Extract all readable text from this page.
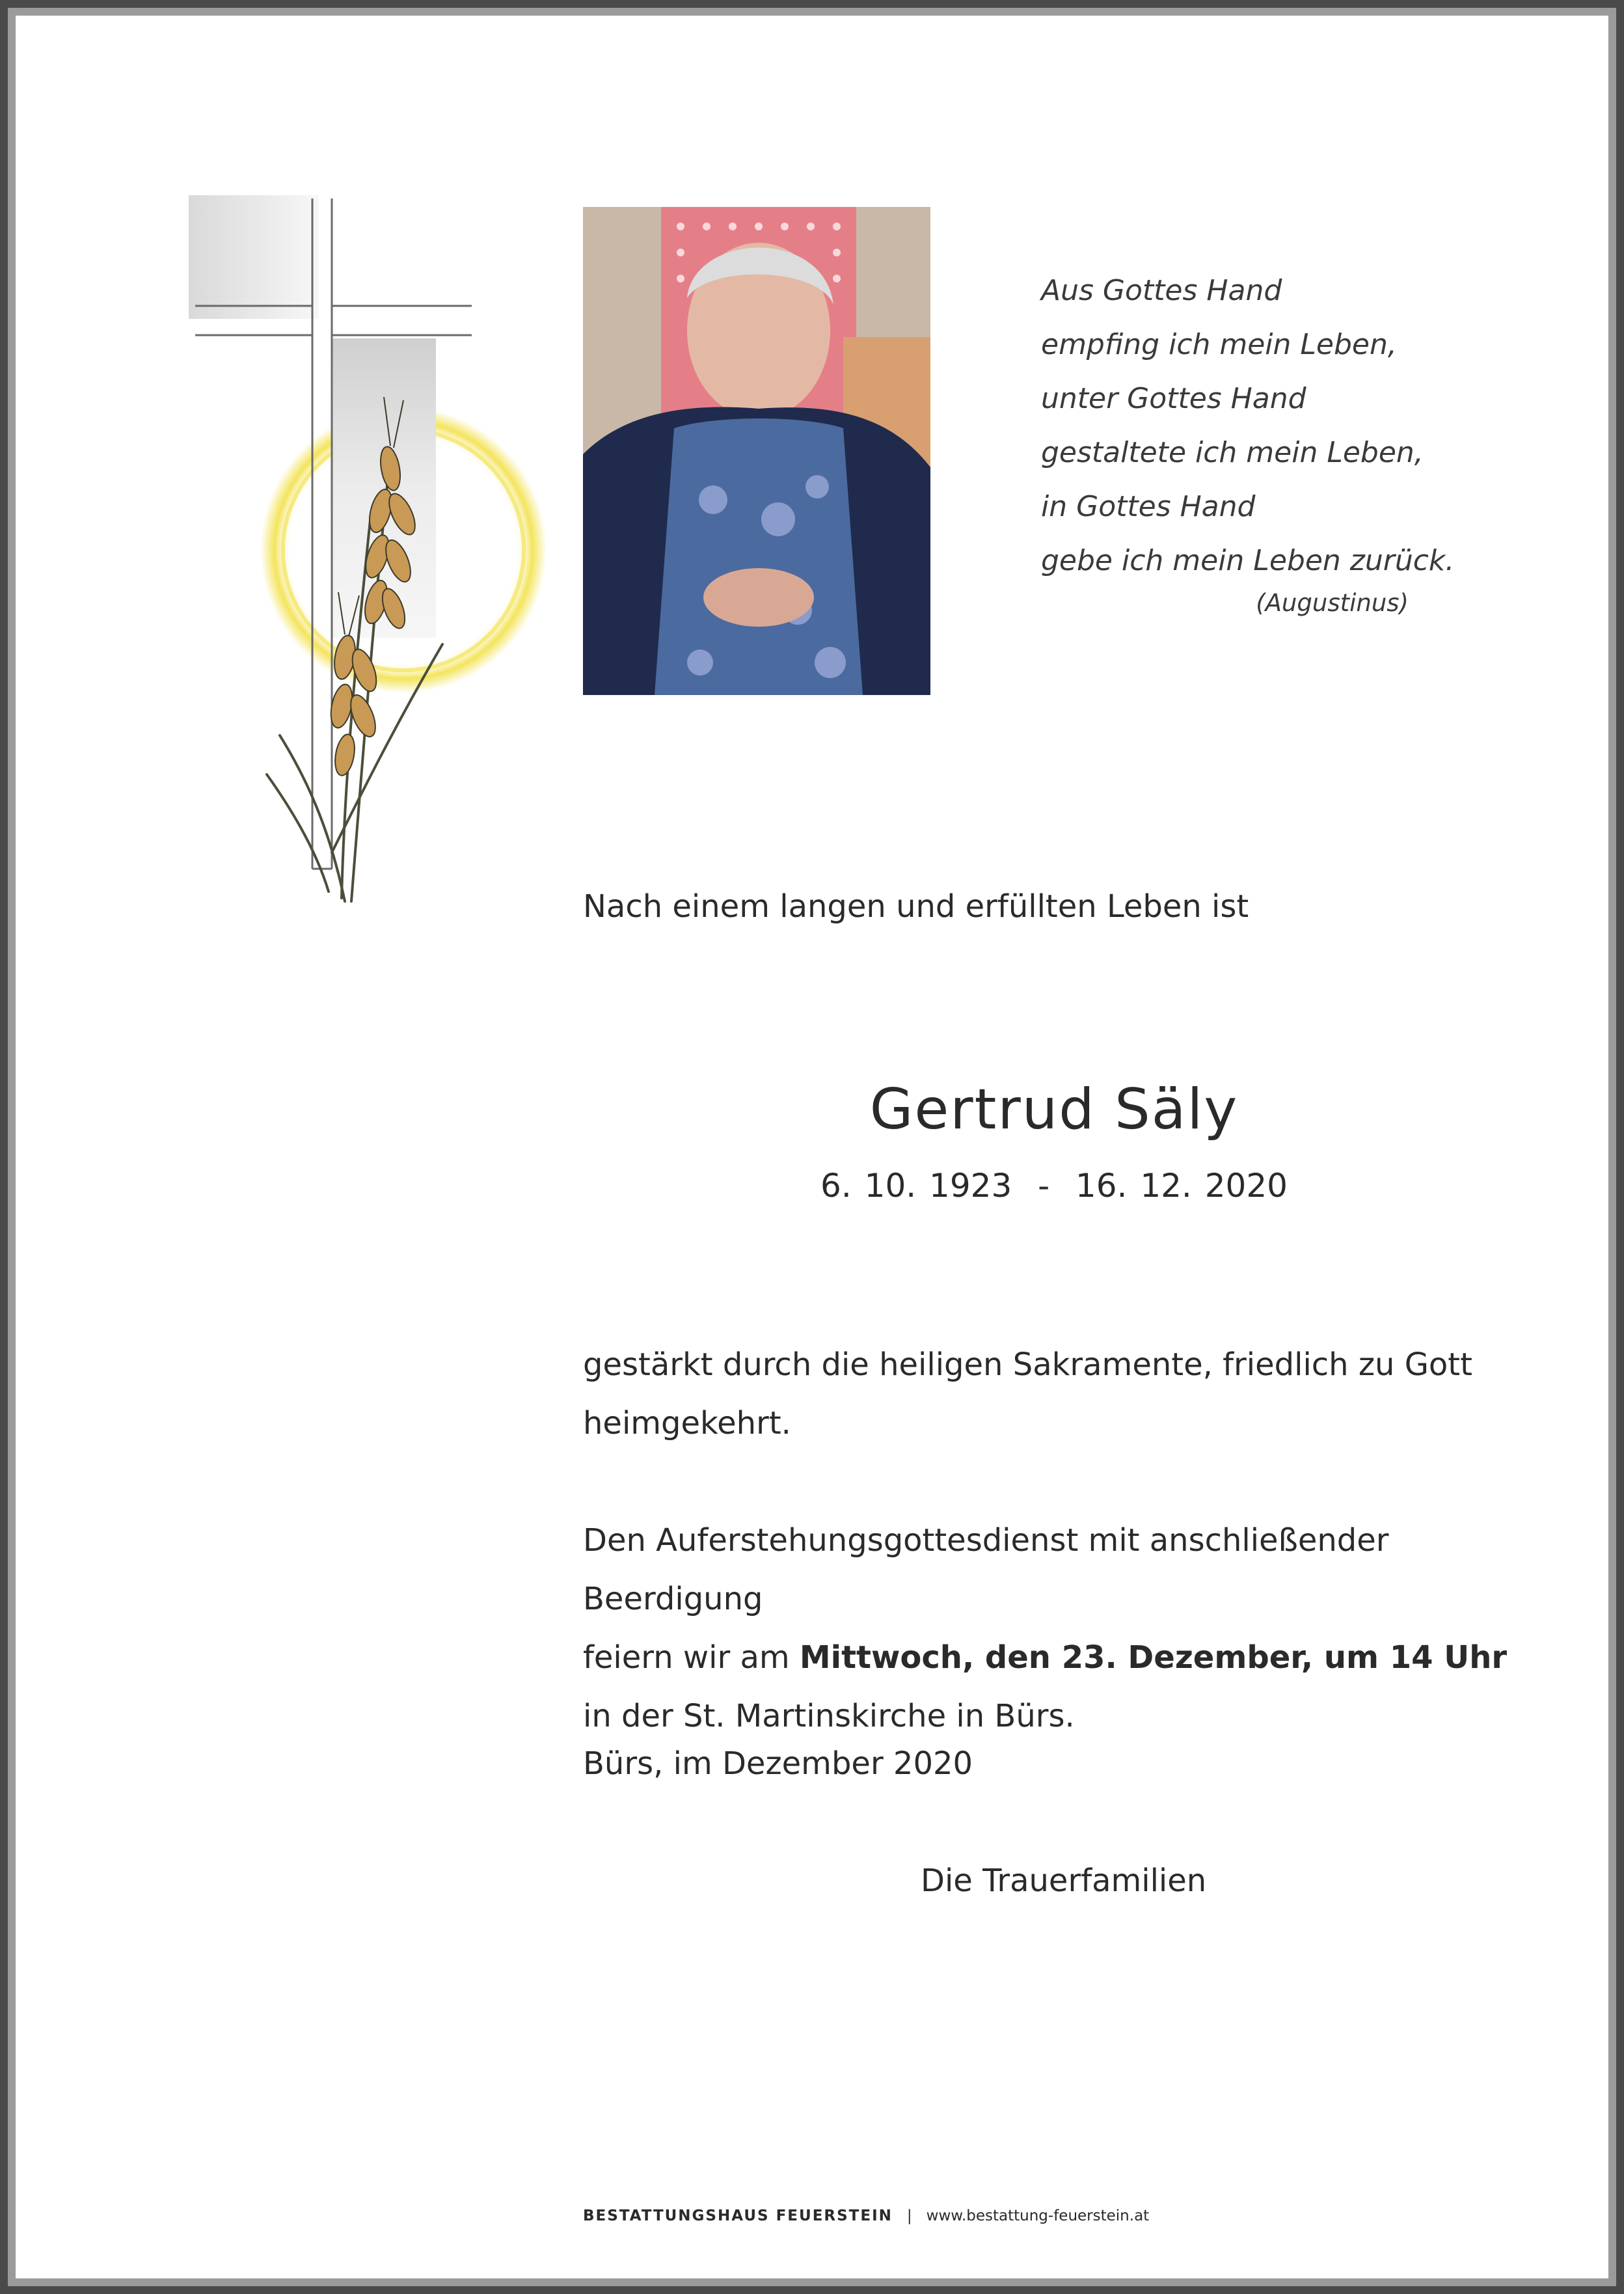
Aus Gottes Hand
empfing ich mein Leben,
unter Gottes Hand
gestaltete ich mein Leben,
in Gottes Hand
gebe ich mein Leben zurück.
(Augustinus)
Nach einem langen und erfüllten Leben ist
Gertrud Säly
6. 10. 1923  -  16. 12. 2020
gestärkt durch die heiligen Sakramente, friedlich zu Gott
heimgekehrt.
Den Auferstehungsgottesdienst mit anschließender Beerdigung
feiern wir am Mittwoch, den 23. Dezember, um 14 Uhr
in der St. Martinskirche in Bürs.
Bürs, im Dezember 2020
Die Trauerfamilien
BESTATTUNGSHAUS FEUERSTEIN | www.bestattung-feuerstein.at
